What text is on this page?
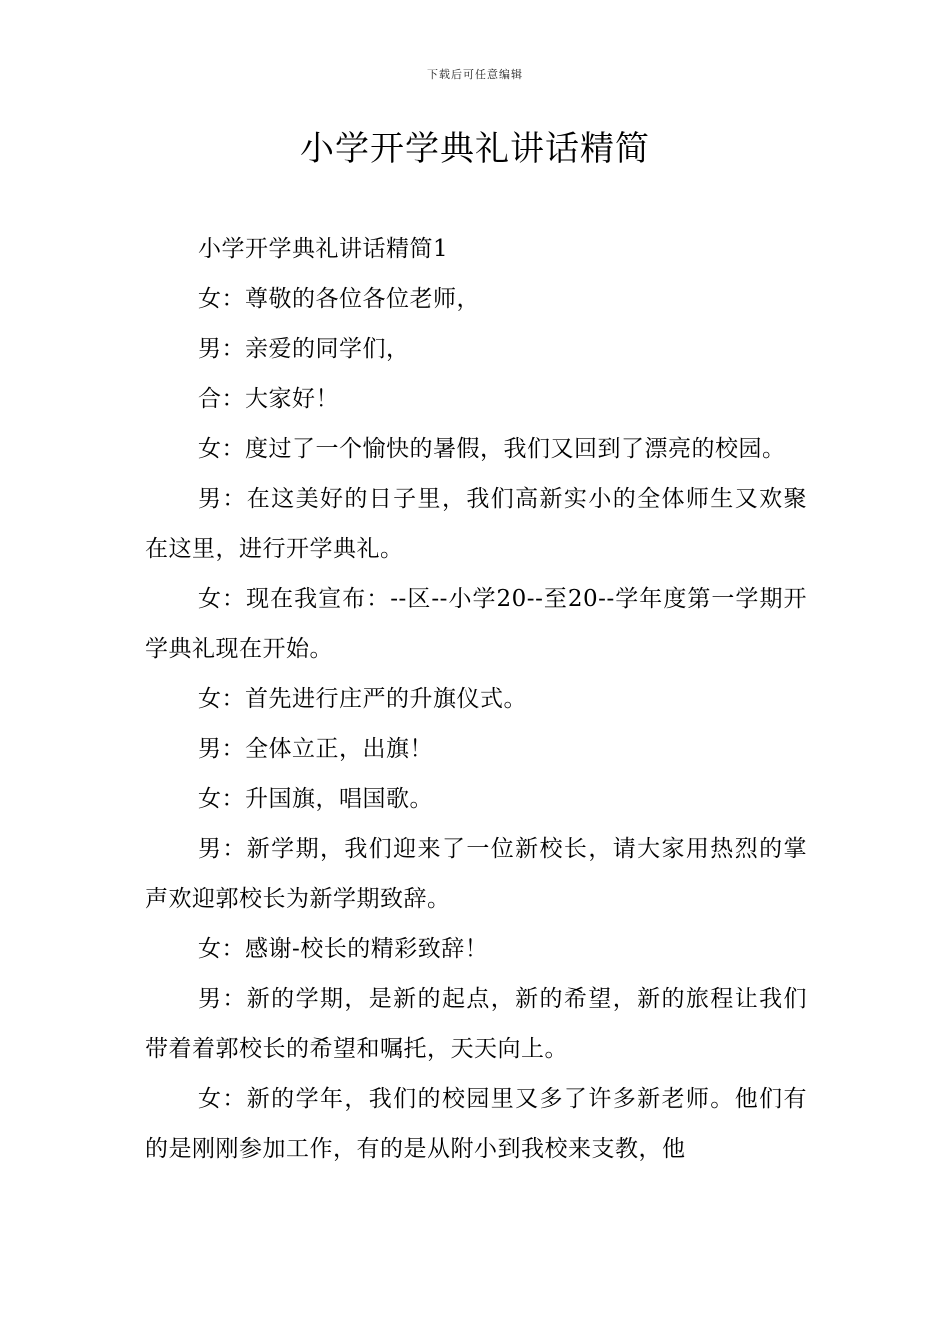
下载后可任意编辑
小学开学典礼讲话精简

小学开学典礼讲话精简1

女：尊敬的各位各位老师，

男：亲爱的同学们，

合：大家好！

女：度过了一个愉快的暑假，我们又回到了漂亮的校园。

男：在这美好的日子里，我们高新实小的全体师生又欢聚在这里，进行开学典礼。

女：现在我宣布：--区--小学20--至20--学年度第一学期开学典礼现在开始。

女：首先进行庄严的升旗仪式。

男：全体立正，出旗！

女：升国旗，唱国歌。

男：新学期，我们迎来了一位新校长，请大家用热烈的掌声欢迎郭校长为新学期致辞。

女：感谢-校长的精彩致辞！

男：新的学期，是新的起点，新的希望，新的旅程让我们带着着郭校长的希望和嘱托，天天向上。

女：新的学年，我们的校园里又多了许多新老师。他们有的是刚刚参加工作，有的是从附小到我校来支教，他
